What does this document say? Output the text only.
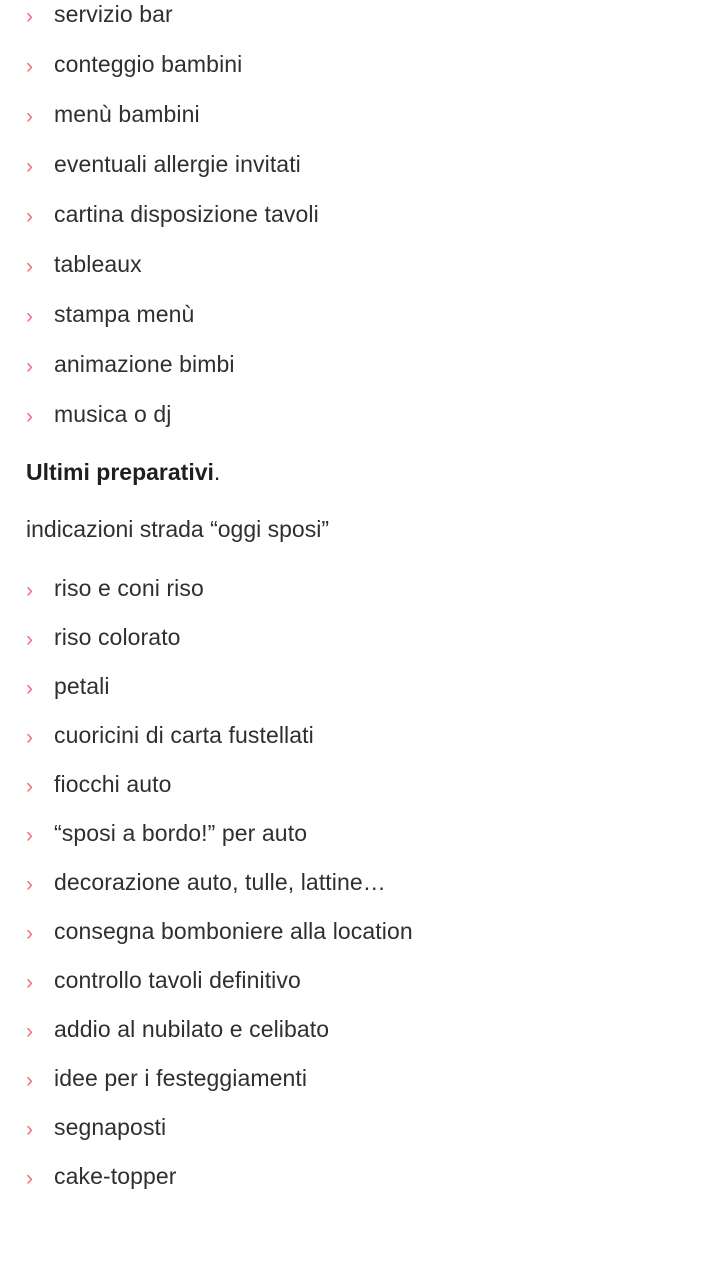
› servizio bar
› conteggio bambini
› menù bambini
› eventuali allergie invitati
› cartina disposizione tavoli
› tableaux
› stampa menù
› animazione bimbi
› musica o dj

Ultimi preparativi.

indicazioni strada “oggi sposi”

› riso e coni riso
› riso colorato
› petali
› cuoricini di carta fustellati
› fiocchi auto
› “sposi a bordo!” per auto
› decorazione auto, tulle, lattine…
› consegna bomboniere alla location
› controllo tavoli definitivo
› addio al nubilato e celibato
› idee per i festeggiamenti
› segnaposti
› cake-topper
